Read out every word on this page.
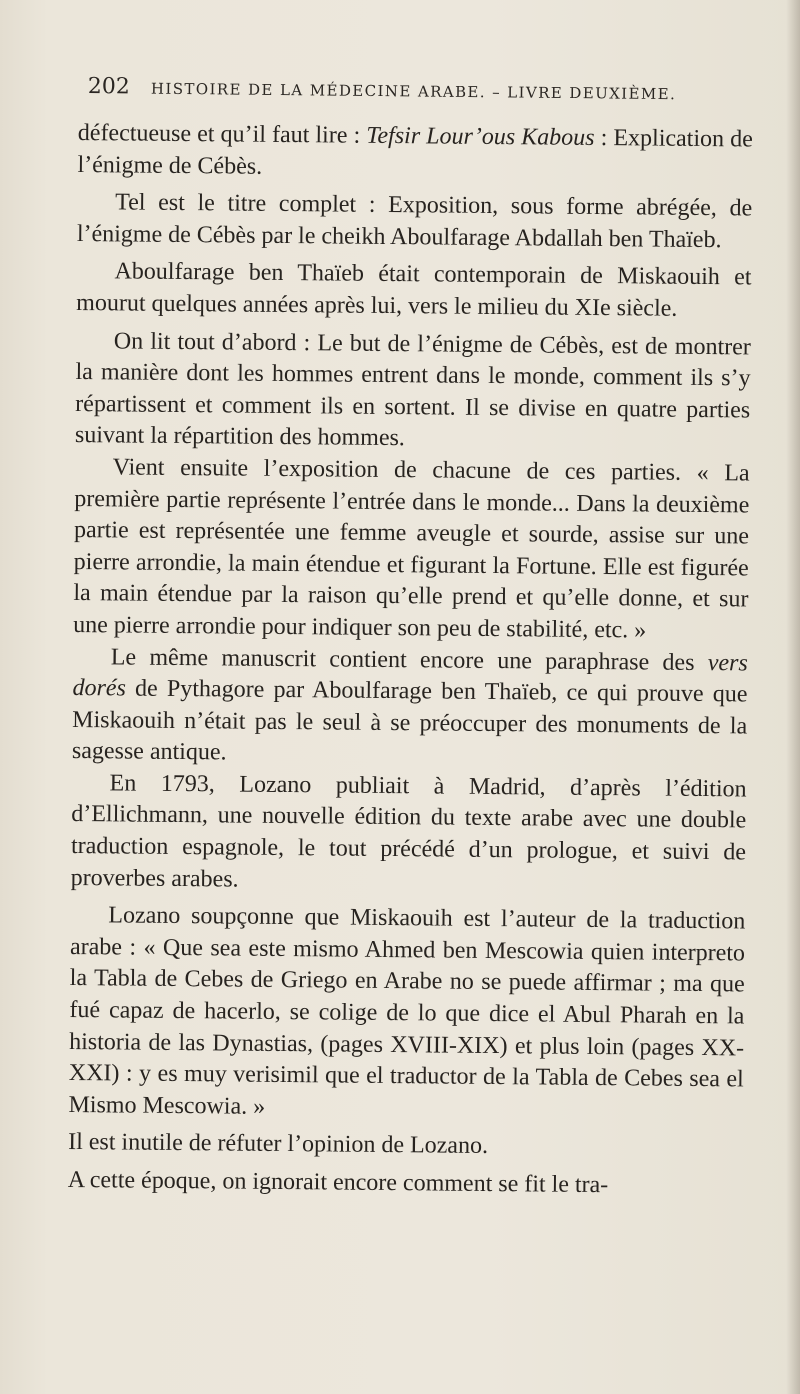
202 HISTOIRE DE LA MÉDECINE ARABE. – LIVRE DEUXIÈME.

défectueuse et qu’il faut lire : Tefsir Lour’ous Kabous : Explication de l’énigme de Cébès.

Tel est le titre complet : Exposition, sous forme abrégée, de l’énigme de Cébès par le cheikh Aboulfarage Abdallah ben Thaïeb.

Aboulfarage ben Thaïeb était contemporain de Miskaouih et mourut quelques années après lui, vers le milieu du XIe siècle.

On lit tout d’abord : Le but de l’énigme de Cébès, est de montrer la manière dont les hommes entrent dans le monde, comment ils s’y répartissent et comment ils en sortent. Il se divise en quatre parties suivant la répartition des hommes.

Vient ensuite l’exposition de chacune de ces parties. « La première partie représente l’entrée dans le monde... Dans la deuxième partie est représentée une femme aveugle et sourde, assise sur une pierre arrondie, la main étendue et figurant la Fortune. Elle est figurée la main étendue par la raison qu’elle prend et qu’elle donne, et sur une pierre arrondie pour indiquer son peu de stabilité, etc. »

Le même manuscrit contient encore une paraphrase des vers dorés de Pythagore par Aboulfarage ben Thaïeb, ce qui prouve que Miskaouih n’était pas le seul à se préoccuper des monuments de la sagesse antique.

En 1793, Lozano publiait à Madrid, d’après l’édition d’Ellichmann, une nouvelle édition du texte arabe avec une double traduction espagnole, le tout précédé d’un prologue, et suivi de proverbes arabes.

Lozano soupçonne que Miskaouih est l’auteur de la traduction arabe : « Que sea este mismo Ahmed ben Mescowia quien interpreto la Tabla de Cebes de Griego en Arabe no se puede affirmar ; ma que fué capaz de hacerlo, se colige de lo que dice el Abul Pharah en la historia de las Dynastias, (pages XVIII-XIX) et plus loin (pages XX-XXI) : y es muy verisimil que el traductor de la Tabla de Cebes sea el Mismo Mescowia. »

Il est inutile de réfuter l’opinion de Lozano.

A cette époque, on ignorait encore comment se fit le tra-
